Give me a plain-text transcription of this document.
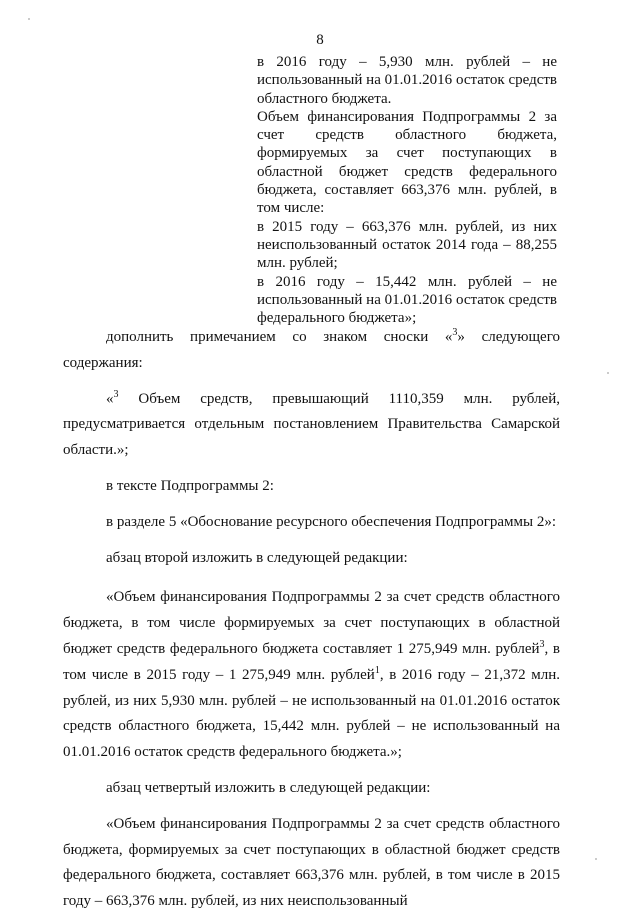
8

в 2016 году – 5,930 млн. рублей – не использованный на 01.01.2016 остаток средств областного бюджета.

Объем финансирования Подпрограммы 2 за счет средств областного бюджета, формируемых за счет поступающих в областной бюджет средств федерального бюджета, составляет 663,376 млн. рублей, в том числе:

в 2015 году – 663,376 млн. рублей, из них неиспользованный остаток 2014 года – 88,255 млн. рублей;

в 2016 году – 15,442 млн. рублей – не использованный на 01.01.2016 остаток средств федерального бюджета»;

дополнить примечанием со знаком сноски «$^3$» следующего содержания:

«$^3$ Объем средств, превышающий 1110,359 млн. рублей, предусматривается отдельным постановлением Правительства Самарской области.»;

в тексте Подпрограммы 2:

в разделе 5 «Обоснование ресурсного обеспечения Подпрограммы 2»:

абзац второй изложить в следующей редакции:

«Объем финансирования Подпрограммы 2 за счет средств областного бюджета, в том числе формируемых за счет поступающих в областной бюджет средств федерального бюджета составляет 1 275,949 млн. рублей$^3$, в том числе в 2015 году – 1 275,949 млн. рублей$^1$, в 2016 году – 21,372 млн. рублей, из них 5,930 млн. рублей – не использованный на 01.01.2016 остаток средств областного бюджета, 15,442 млн. рублей – не использованный на 01.01.2016 остаток средств федерального бюджета.»;

абзац четвертый изложить в следующей редакции:

«Объем финансирования Подпрограммы 2 за счет средств областного бюджета, формируемых за счет поступающих в областной бюджет средств федерального бюджета, составляет 663,376 млн. рублей, в том числе в 2015 году – 663,376 млн. рублей, из них неиспользованный
